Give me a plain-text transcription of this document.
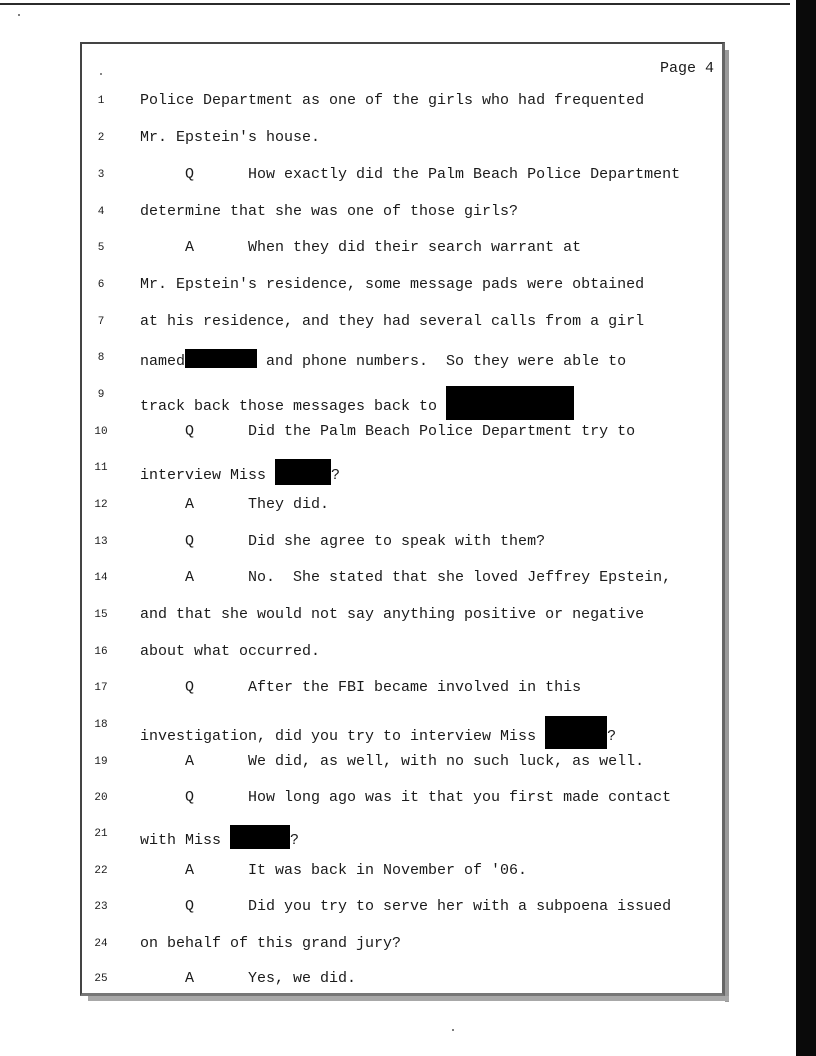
Page 4
1	Police Department as one of the girls who had frequented
2	Mr. Epstein's house.
3	Q      How exactly did the Palm Beach Police Department
4	determine that she was one of those girls?
5	A      When they did their search warrant at
6	Mr. Epstein's residence, some message pads were obtained
7	at his residence, and they had several calls from a girl
8	named	and phone numbers.  So they were able to
9
track back those messages back to
10	Q      Did the Palm Beach Police Department try to
11	interview Miss	?
12	A      They did.
13	Q      Did she agree to speak with them?
14	A      No.  She stated that she loved Jeffrey Epstein,
15	and that she would not say anything positive or negative
16	about what occurred.
17	Q      After the FBI became involved in this
18
investigation, did you try to interview Miss	?
19	A      We did, as well, with no such luck, as well.
20	Q      How long ago was it that you first made contact
21	with Miss	?
22	A      It was back in November of '06.
23	Q      Did you try to serve her with a subpoena issued
24	on behalf of this grand jury?
25	A      Yes, we did.
